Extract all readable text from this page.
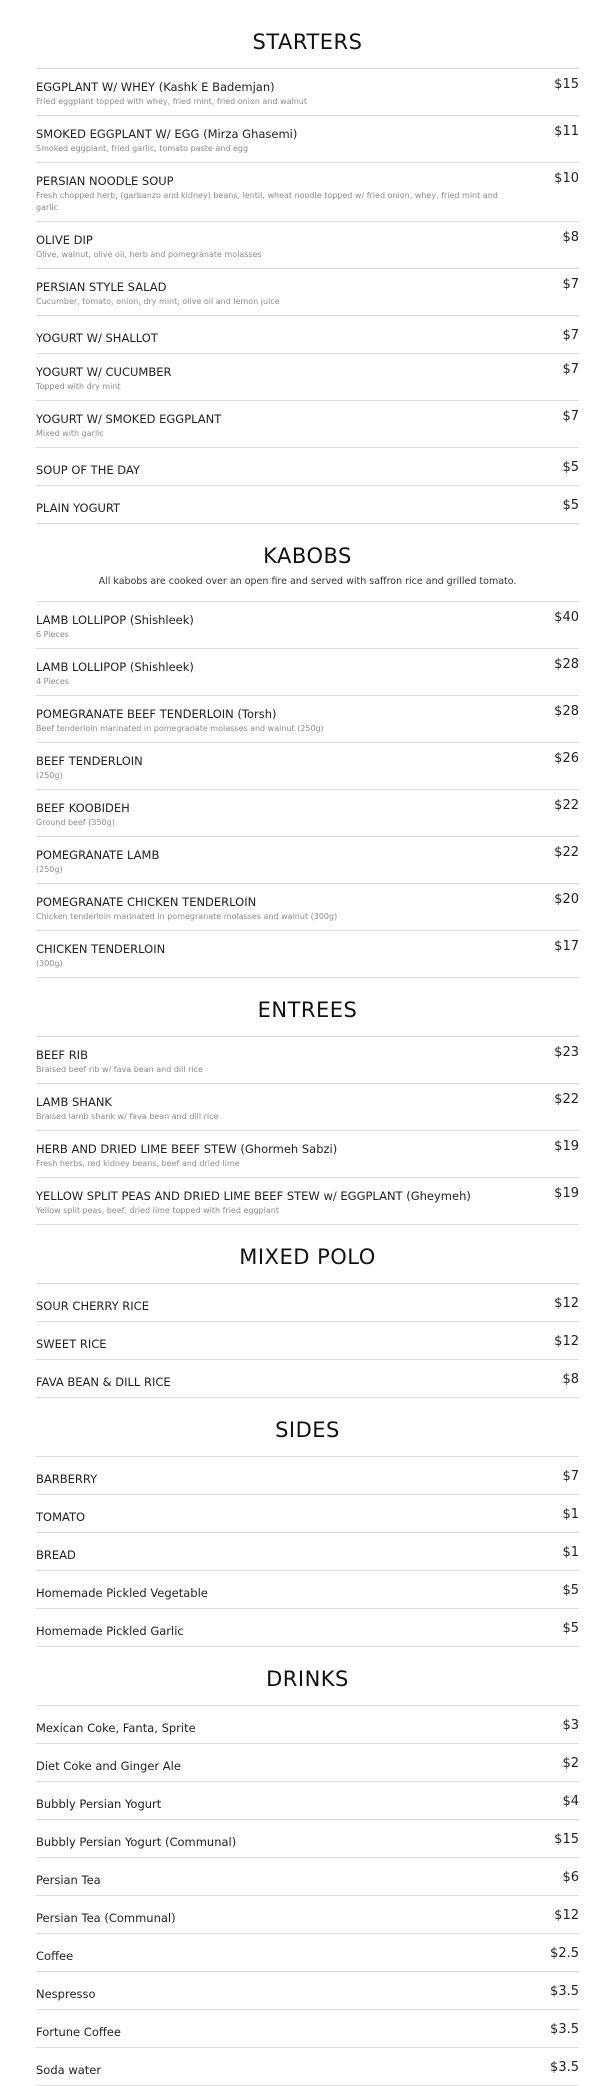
STARTERS
EGGPLANT W/ WHEY (Kashk E Bademjan)
Fried eggplant topped with whey, fried mint, fried onion and walnut
$15
SMOKED EGGPLANT W/ EGG (Mirza Ghasemi)
Smoked eggplant, fried garlic, tomato paste and egg
$11
PERSIAN NOODLE SOUP
Fresh chopped herb, (garbanzo and kidney) beans, lentil, wheat noodle topped w/ fried onion, whey, fried mint and garlic
$10
OLIVE DIP
Olive, walnut, olive oil, herb and pomegranate molasses
$8
PERSIAN STYLE SALAD
Cucumber, tomato, onion, dry mint, olive oil and lemon juice
$7
YOGURT W/ SHALLOT	$7
YOGURT W/ CUCUMBER
Topped with dry mint
$7
YOGURT W/ SMOKED EGGPLANT
Mixed with garlic
$7
SOUP OF THE DAY	$5
PLAIN YOGURT	$5
KABOBS
All kabobs are cooked over an open fire and served with saffron rice and grilled tomato.
LAMB LOLLIPOP (Shishleek)
6 Pieces
$40
LAMB LOLLIPOP (Shishleek)
4 Pieces
$28
POMEGRANATE BEEF TENDERLOIN (Torsh)
Beef tenderloin marinated in pomegranate molasses and walnut (250g)
$28
BEEF TENDERLOIN
(250g)
$26
BEEF KOOBIDEH
Ground beef (350g)
$22
POMEGRANATE LAMB
(250g)
$22
POMEGRANATE CHICKEN TENDERLOIN
Chicken tenderloin marinated in pomegranate molasses and walnut (300g)
$20
CHICKEN TENDERLOIN
(300g)
$17
ENTREES
BEEF RIB
Braised beef rib w/ fava bean and dill rice
$23
LAMB SHANK
Braised lamb shank w/ fava bean and dill rice
$22
HERB AND DRIED LIME BEEF STEW (Ghormeh Sabzi)
Fresh herbs, red kidney beans, beef and dried lime
$19
YELLOW SPLIT PEAS AND DRIED LIME BEEF STEW w/ EGGPLANT (Gheymeh)
Yellow split peas, beef, dried lime topped with fried eggplant
$19
MIXED POLO
SOUR CHERRY RICE	$12
SWEET RICE	$12
FAVA BEAN & DILL RICE	$8
SIDES
BARBERRY	$7
TOMATO	$1
BREAD	$1
Homemade Pickled Vegetable	$5
Homemade Pickled Garlic	$5
DRINKS
Mexican Coke, Fanta, Sprite	$3
Diet Coke and Ginger Ale	$2
Bubbly Persian Yogurt	$4
Bubbly Persian Yogurt (Communal)	$15
Persian Tea	$6
Persian Tea (Communal)	$12
Coffee	$2.5
Nespresso	$3.5
Fortune Coffee	$3.5
Soda water	$3.5
